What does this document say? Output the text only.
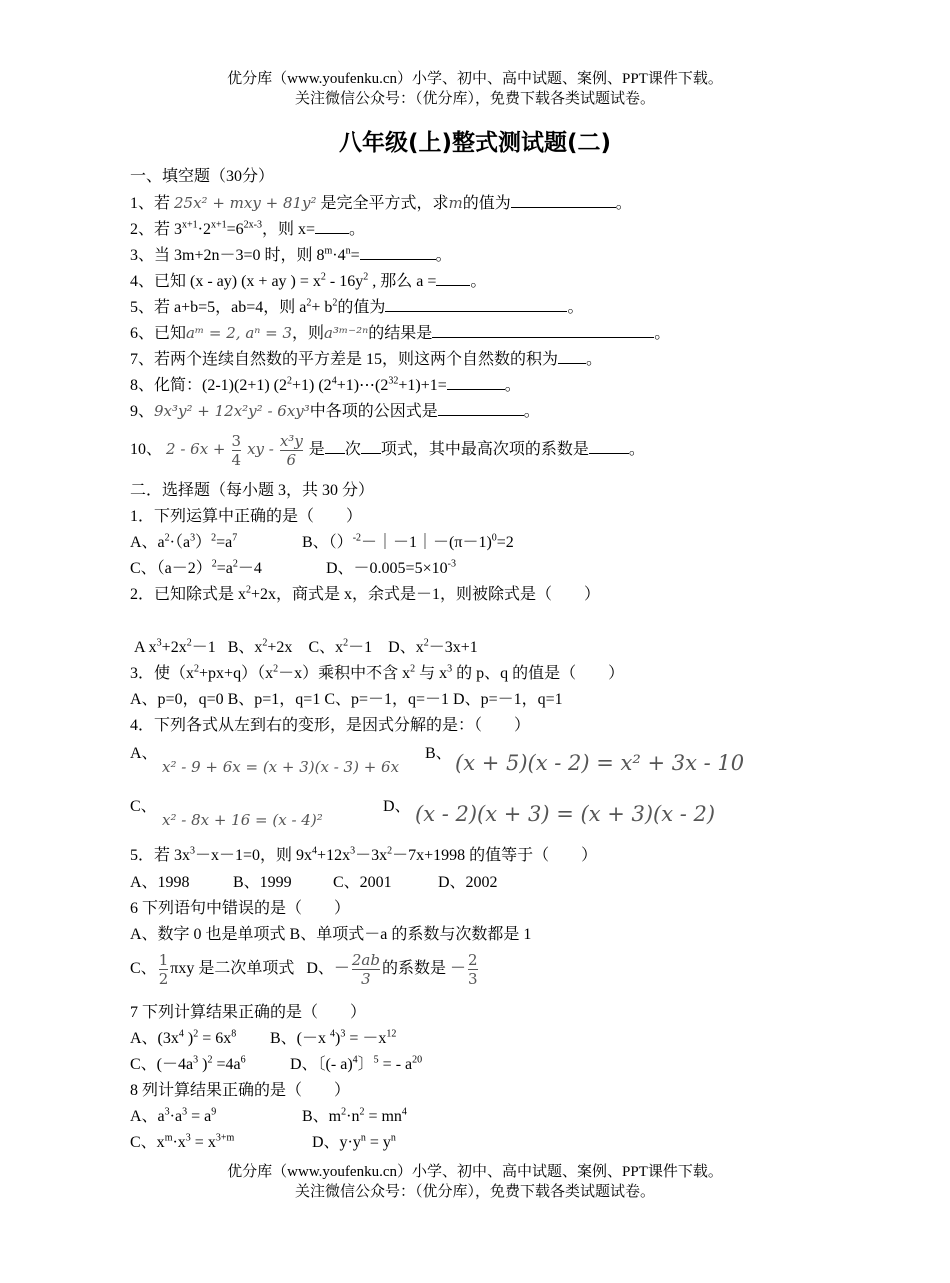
优分库（www.youfenku.cn）小学、初中、高中试题、案例、PPT课件下载。
关注微信公众号：（优分库），免费下载各类试题试卷。
八年级(上)整式测试题(二)
一、填空题（30分）
1、若 25x² + mxy + 81y² 是完全平方式，求m的值为	。
2、若 $3^{x+1}\cdot 2^{x+1}=6^{2x-3}$，则 x= 。
3、当 3m+2n－3=0 时，则 $8^m\cdot 4^n=$	。
4、已知 (x - ay) (x + ay ) = $x^2 - 16y^2$ , 那么 a = 。
5、若 a+b=5，ab=4，则 $a^2+ b^2$的值为	。
6、已知aᵐ = 2, aⁿ = 3，则a³ᵐ⁻²ⁿ的结果是	。
7、若两个连续自然数的平方差是 15，则这两个自然数的积为 。
8、化简：(2-1)(2+1) $(2^2+1)$ $(2^4+1)\cdots(2^{32}+1)+1=$	。
9、9x³y² + 12x²y² - 6xy³中各项的公因式是	。
10、 $2 - 6x + \frac{3}{4}$ xy - $\frac{\text{x³y}}{6}$ 是 次 项式，其中最高次项的系数是	。
二．选择题（每小题 3，共 30 分）
1．下列运算中正确的是（　　）
A、$a^2\cdot(a^3)^2=a^7$	B、$()^{-2}-|-1|-(\pi-1)^0=2$
C、$(a-2)^2=a^2-4$	D、$-0.005=5\times 10^{-3}$
2．已知除式是 $x^2+2x$，商式是 x，余式是－1，则被除式是（　　）
A $x^3+2x^2-1$ B、$x^2+2x$ C、$x^2-1$ D、$x^2-3x+1$
3．使$(x^2+px+q)(x^2-x)$乘积中不含 $x^2$ 与 $x^3$ 的 p、q 的值是（　　）
A、p=0，q=0 B、p=1，q=1 C、p=－1，q=－1 D、p=－1，q=1
4．下列各式从左到右的变形，是因式分解的是：（　　）
A、
x² - 9 + 6x = (x + 3)(x - 3) + 6x
B、 (x + 5)(x - 2) = x² + 3x - 10
C、
x² - 8x + 16 = (x - 4)²
D、 (x - 2)(x + 3) = (x + 3)(x - 2)
5．若 $3x^3-x-1=0$，则 $9x^4+12x^3-3x^2-7x+1998$ 的值等于（　　）
A、1998	B、1999	C、2001	D、2002
6 下列语句中错误的是（　　）
A、数字 0 也是单项式 B、单项式－a 的系数与次数都是 1
C、 $\frac{1}{2}$ πxy 是二次单项式 D、－ $\frac{2ab}{3}$ 的系数是 － $\frac{2}{3}$
7 下列计算结果正确的是（　　）
A、($3x^4$ )$^2 = 6x^8$ B、(－x $^4)^3 = -x^{12}$
C、($-4a^3$ )$^2 =4a^6$	D、〔(- a)$^4$〕$^5$ = - $a^{20}$
8 列计算结果正确的是（　　）
A、$a^3\cdot a^3 = a^9$	B、$m^2\cdot n^2 = mn^4$
C、$x^m\cdot x^3 = x^{3+m}$	D、$y\cdot y^n = y^n$
优分库（www.youfenku.cn）小学、初中、高中试题、案例、PPT课件下载。
关注微信公众号：（优分库），免费下载各类试题试卷。
